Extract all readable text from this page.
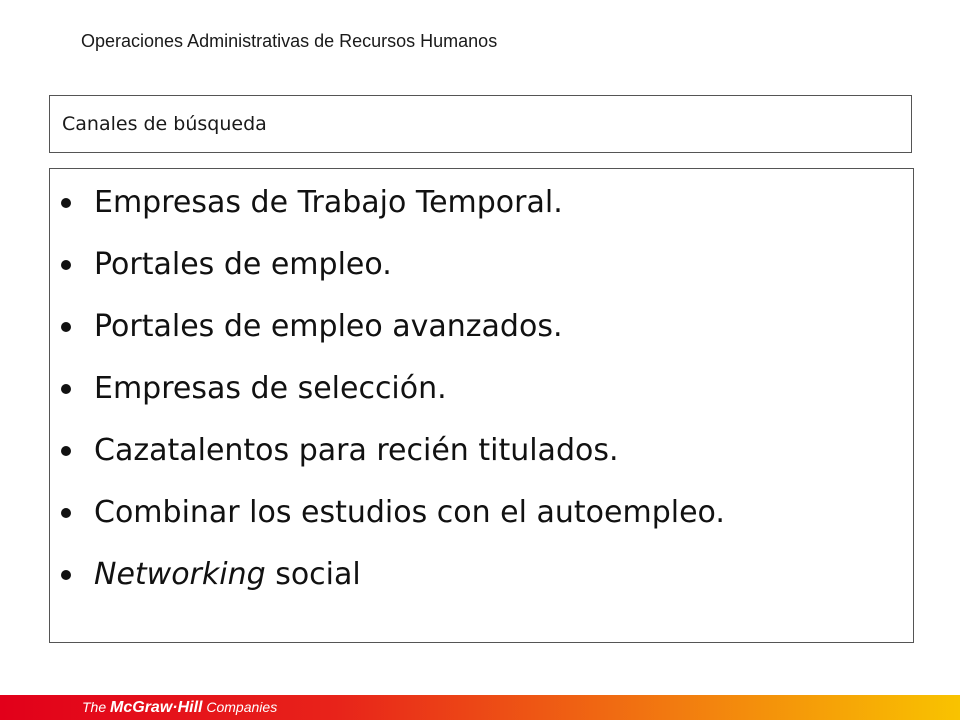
Operaciones Administrativas de Recursos Humanos
Canales de búsqueda
Empresas de Trabajo Temporal.
Portales de empleo.
Portales de empleo avanzados.
Empresas de selección.
Cazatalentos para recién titulados.
Combinar los estudios con el autoempleo.
Networking social
The McGraw·Hill Companies
